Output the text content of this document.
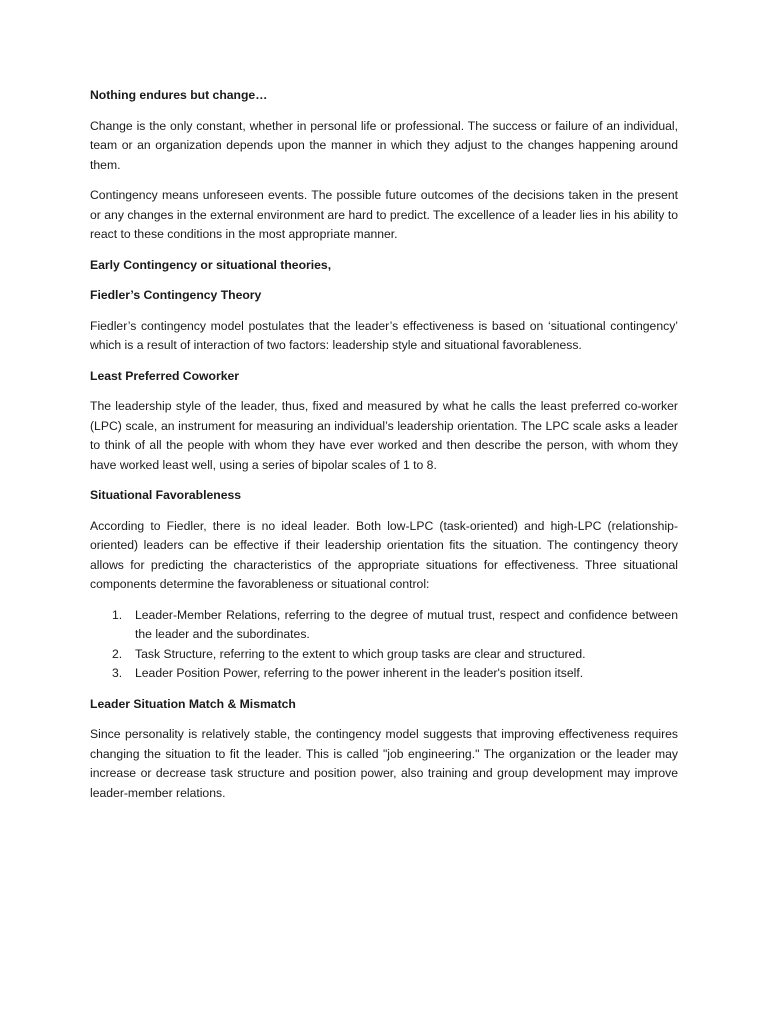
Nothing endures but change…

Change is the only constant, whether in personal life or professional. The success or failure of an individual, team or an organization depends upon the manner in which they adjust to the changes happening around them.

Contingency means unforeseen events. The possible future outcomes of the decisions taken in the present or any changes in the external environment are hard to predict. The excellence of a leader lies in his ability to react to these conditions in the most appropriate manner.

Early Contingency or situational theories,
Fiedler’s Contingency Theory

Fiedler’s contingency model postulates that the leader’s effectiveness is based on ‘situational contingency’ which is a result of interaction of two factors: leadership style and situational favorableness.

Least Preferred Coworker

The leadership style of the leader, thus, fixed and measured by what he calls the least preferred co-worker (LPC) scale, an instrument for measuring an individual’s leadership orientation. The LPC scale asks a leader to think of all the people with whom they have ever worked and then describe the person, with whom they have worked least well, using a series of bipolar scales of 1 to 8.

Situational Favorableness

According to Fiedler, there is no ideal leader. Both low-LPC (task-oriented) and high-LPC (relationship-oriented) leaders can be effective if their leadership orientation fits the situation. The contingency theory allows for predicting the characteristics of the appropriate situations for effectiveness. Three situational components determine the favorableness or situational control:

1. Leader-Member Relations, referring to the degree of mutual trust, respect and confidence between the leader and the subordinates.
2. Task Structure, referring to the extent to which group tasks are clear and structured.
3. Leader Position Power, referring to the power inherent in the leader's position itself.
Leader Situation Match & Mismatch

Since personality is relatively stable, the contingency model suggests that improving effectiveness requires changing the situation to fit the leader. This is called "job engineering." The organization or the leader may increase or decrease task structure and position power, also training and group development may improve leader-member relations.
